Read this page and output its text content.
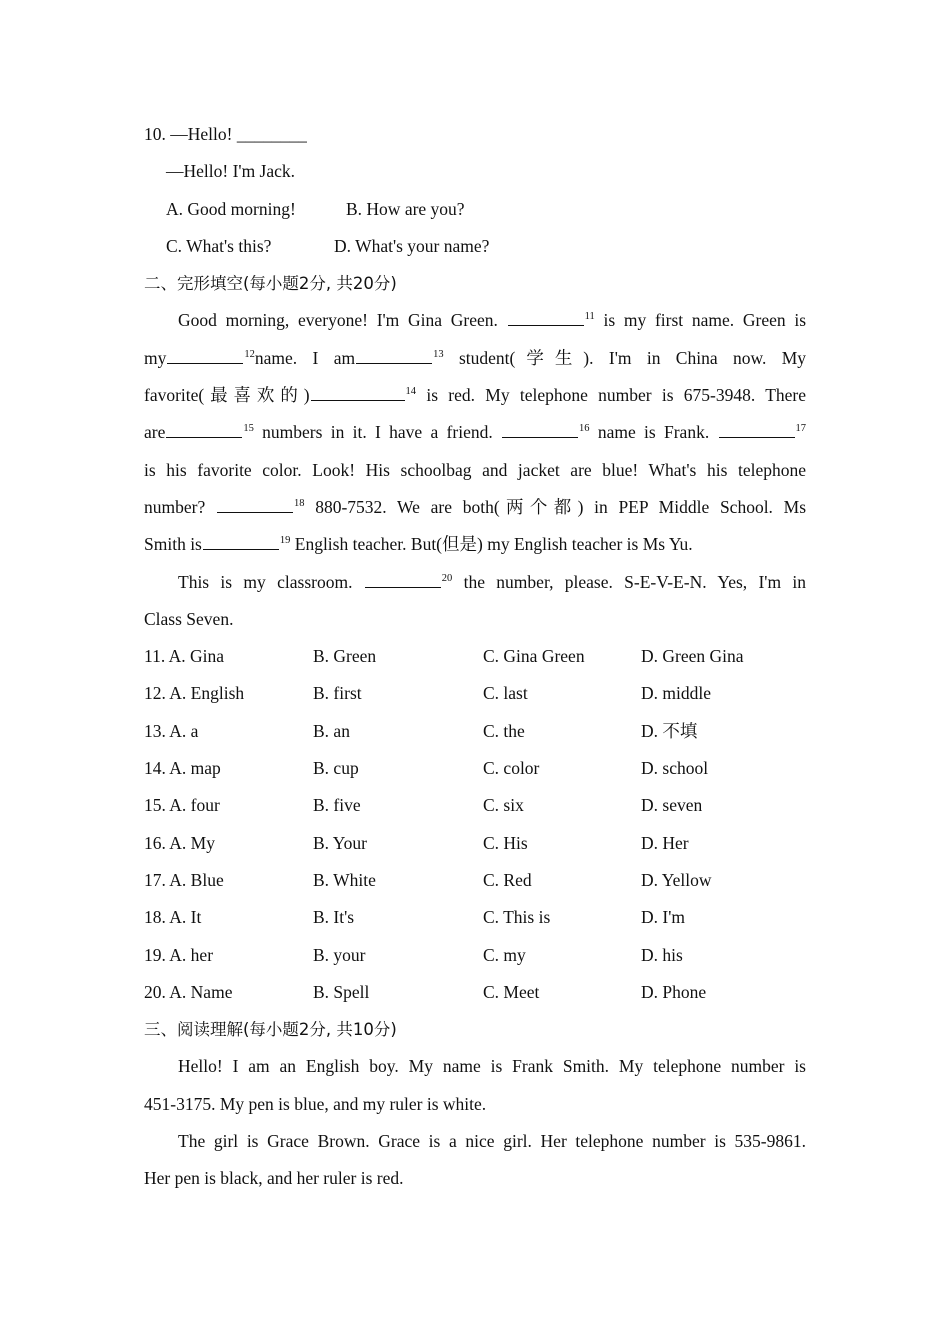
10. —Hello! ________
—Hello! I'm Jack.
A. Good morning!	B. How are you?
C. What's this?	D. What's your name?
二、完形填空(每小题2分, 共20分)
Good morning, everyone! I'm Gina Green.	$^{11}$ is my first name. Green is
my	$^{12}$name. I am	$^{13}$ student(学生). I'm in China now. My
favorite(最喜欢的)	$^{14}$ is red. My telephone number is 675-3948. There
are	$^{15}$ numbers in it. I have a friend.	$^{16}$ name is Frank.	$^{17}$
is his favorite color. Look! His schoolbag and jacket are blue! What's his telephone
number?	$^{18}$ 880-7532. We are both(两个都) in PEP Middle School. Ms
Smith is	$^{19}$ English teacher. But(但是) my English teacher is Ms Yu.
This is my classroom.	$^{20}$ the number, please. S-E-V-E-N. Yes, I'm in
Class Seven.
11. A. Gina	B. Green	C. Gina Green	D. Green Gina
12. A. English	B. first	C. last	D. middle
13. A. a	B. an	C. the	D. 不填
14. A. map	B. cup	C. color	D. school
15. A. four	B. five	C. six	D. seven
16. A. My	B. Your	C. His	D. Her
17. A. Blue	B. White	C. Red	D. Yellow
18. A. It	B. It's	C. This is	D. I'm
19. A. her	B. your	C. my	D. his
20. A. Name	B. Spell	C. Meet	D. Phone
三、阅读理解(每小题2分, 共10分)
Hello! I am an English boy. My name is Frank Smith. My telephone number is
451-3175. My pen is blue, and my ruler is white.
The girl is Grace Brown. Grace is a nice girl. Her telephone number is 535-9861.
Her pen is black, and her ruler is red.
